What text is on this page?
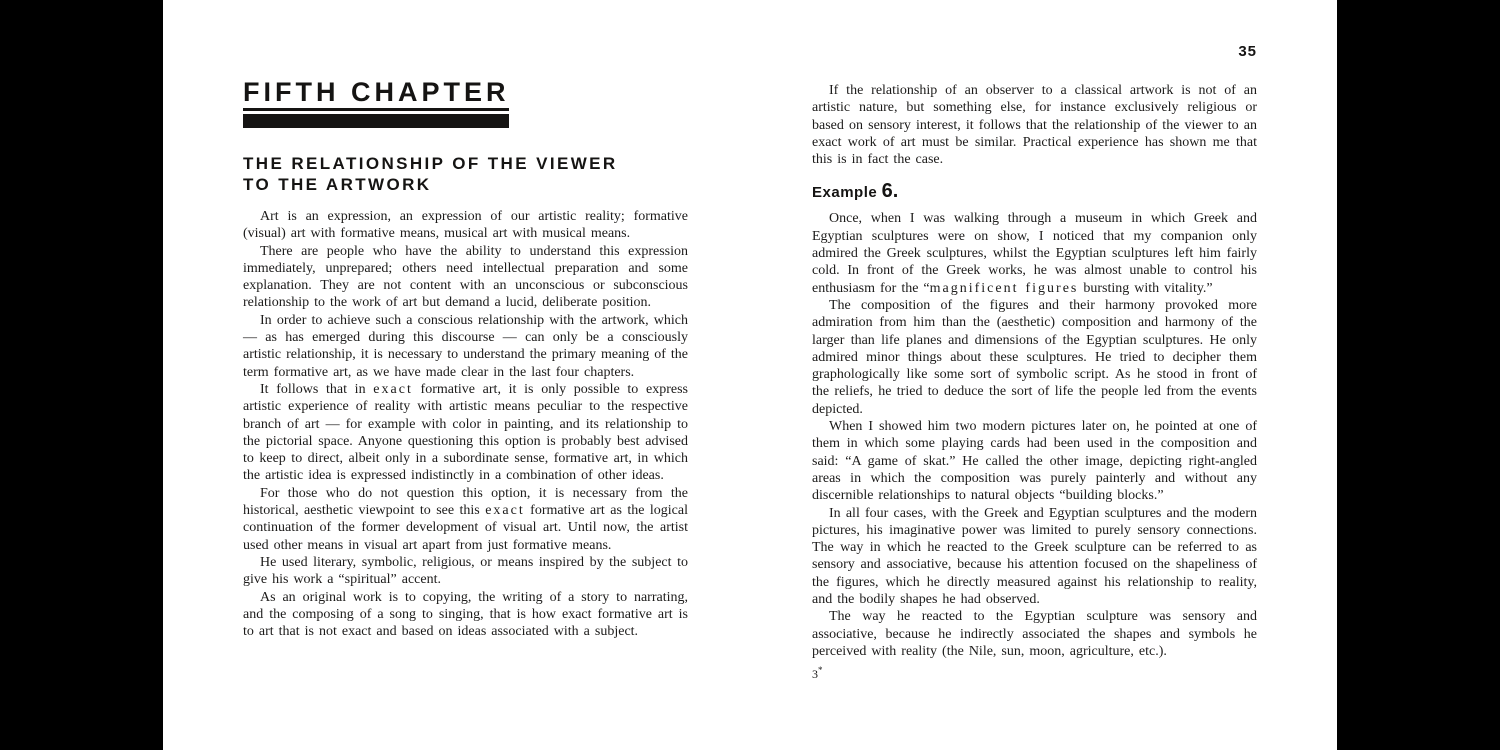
FIFTH CHAPTER
THE RELATIONSHIP OF THE VIEWER
TO THE ARTWORK

Art is an expression, an expression of our artistic reality; formative (visual) art with formative means, musical art with musical means.

There are people who have the ability to understand this expression immediately, unprepared; others need intellectual preparation and some explanation. They are not content with an unconscious or subconscious relationship to the work of art but demand a lucid, deliberate position.

In order to achieve such a conscious relationship with the artwork, which — as has emerged during this discourse — can only be a consciously artistic relationship, it is necessary to understand the primary meaning of the term formative art, as we have made clear in the last four chapters.

It follows that in exact formative art, it is only possible to express artistic experience of reality with artistic means peculiar to the respective branch of art — for example with color in painting, and its relationship to the pictorial space. Anyone questioning this option is probably best advised to keep to direct, albeit only in a subordinate sense, formative art, in which the artistic idea is expressed indistinctly in a combination of other ideas.

For those who do not question this option, it is necessary from the historical, aesthetic viewpoint to see this exact formative art as the logical continuation of the former development of visual art. Until now, the artist used other means in visual art apart from just formative means.

He used literary, symbolic, religious, or means inspired by the subject to give his work a “spiritual” accent.

As an original work is to copying, the writing of a story to narrating, and the composing of a song to singing, that is how exact formative art is to art that is not exact and based on ideas associated with a subject.

35

If the relationship of an observer to a classical artwork is not of an artistic nature, but something else, for instance exclusively religious or based on sensory interest, it follows that the relationship of the viewer to an exact work of art must be similar. Practical experience has shown me that this is in fact the case.

Example 6.

Once, when I was walking through a museum in which Greek and Egyptian sculptures were on show, I noticed that my companion only admired the Greek sculptures, whilst the Egyptian sculptures left him fairly cold. In front of the Greek works, he was almost unable to control his enthusiasm for the “magnificent figures bursting with vitality.”

The composition of the figures and their harmony provoked more admiration from him than the (aesthetic) composition and harmony of the larger than life planes and dimensions of the Egyptian sculptures. He only admired minor things about these sculptures. He tried to decipher them graphologically like some sort of symbolic script. As he stood in front of the reliefs, he tried to deduce the sort of life the people led from the events depicted.

When I showed him two modern pictures later on, he pointed at one of them in which some playing cards had been used in the composition and said: “A game of skat.” He called the other image, depicting right-angled areas in which the composition was purely painterly and without any discernible relationships to natural objects “building blocks.”

In all four cases, with the Greek and Egyptian sculptures and the modern pictures, his imaginative power was limited to purely sensory connections. The way in which he reacted to the Greek sculpture can be referred to as sensory and associative, because his attention focused on the shapeliness of the figures, which he directly measured against his relationship to reality, and the bodily shapes he had observed.

The way he reacted to the Egyptian sculpture was sensory and associative, because he indirectly associated the shapes and symbols he perceived with reality (the Nile, sun, moon, agriculture, etc.).

3*
